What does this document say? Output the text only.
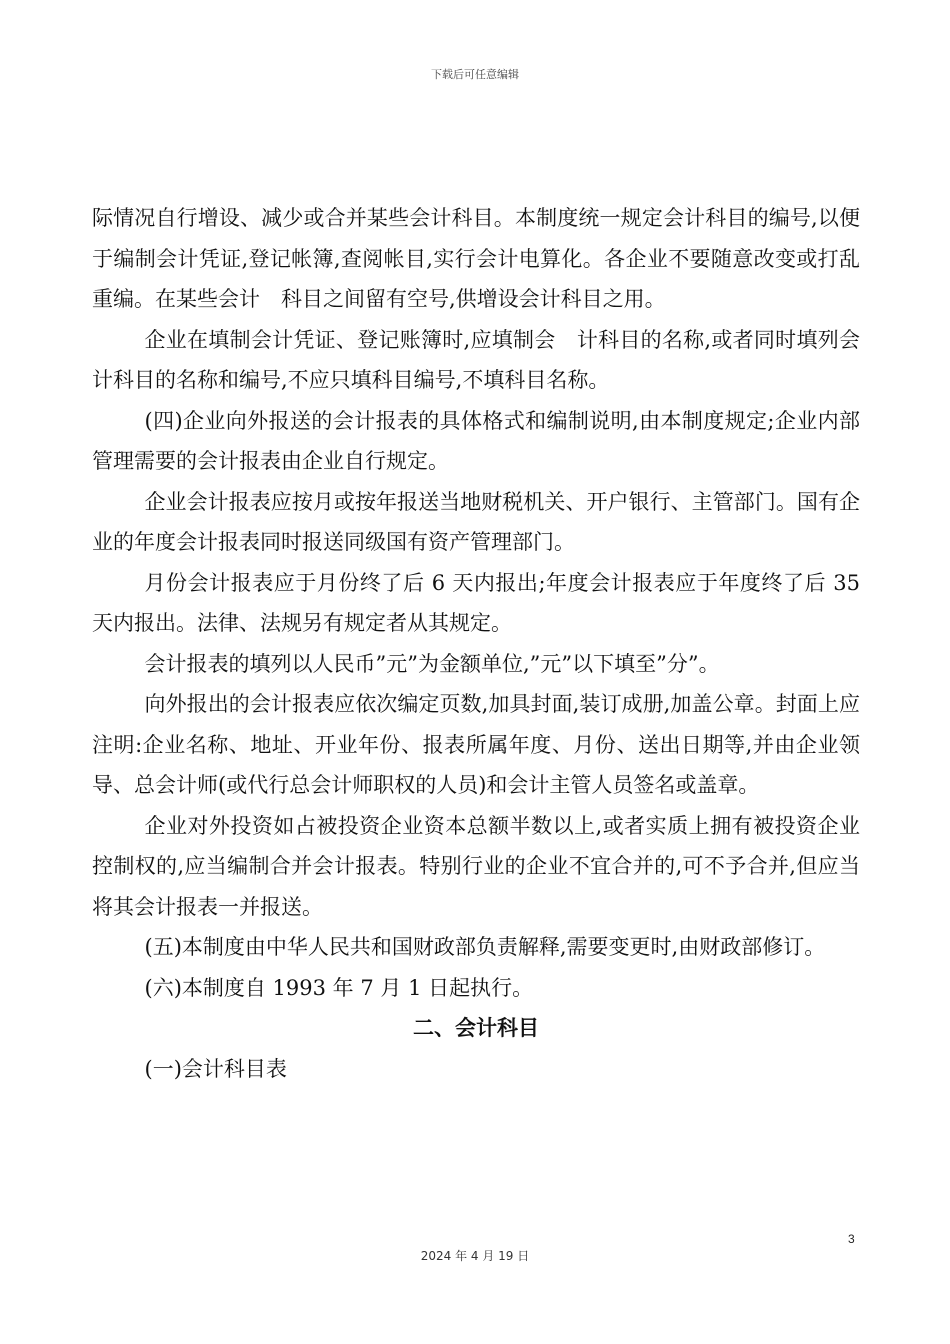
下载后可任意编辑

际情况自行增设、减少或合并某些会计科目。本制度统一规定会计科目的编号,以便于编制会计凭证,登记帐簿,查阅帐目,实行会计电算化。各企业不要随意改变或打乱重编。在某些会计　科目之间留有空号,供增设会计科目之用。

企业在填制会计凭证、登记账簿时,应填制会　计科目的名称,或者同时填列会计科目的名称和编号,不应只填科目编号,不填科目名称。

(四)企业向外报送的会计报表的具体格式和编制说明,由本制度规定;企业内部管理需要的会计报表由企业自行规定。

企业会计报表应按月或按年报送当地财税机关、开户银行、主管部门。国有企业的年度会计报表同时报送同级国有资产管理部门。

月份会计报表应于月份终了后 6 天内报出;年度会计报表应于年度终了后 35 天内报出。法律、法规另有规定者从其规定。

会计报表的填列以人民币”元”为金额单位,”元”以下填至”分”。

向外报出的会计报表应依次编定页数,加具封面,装订成册,加盖公章。封面上应注明:企业名称、地址、开业年份、报表所属年度、月份、送出日期等,并由企业领导、总会计师(或代行总会计师职权的人员)和会计主管人员签名或盖章。

企业对外投资如占被投资企业资本总额半数以上,或者实质上拥有被投资企业控制权的,应当编制合并会计报表。特别行业的企业不宜合并的,可不予合并,但应当将其会计报表一并报送。

(五)本制度由中华人民共和国财政部负责解释,需要变更时,由财政部修订。

(六)本制度自 1993 年 7 月 1 日起执行。

二、会计科目

(一)会计科目表

3
2024 年 4 月 19 日
